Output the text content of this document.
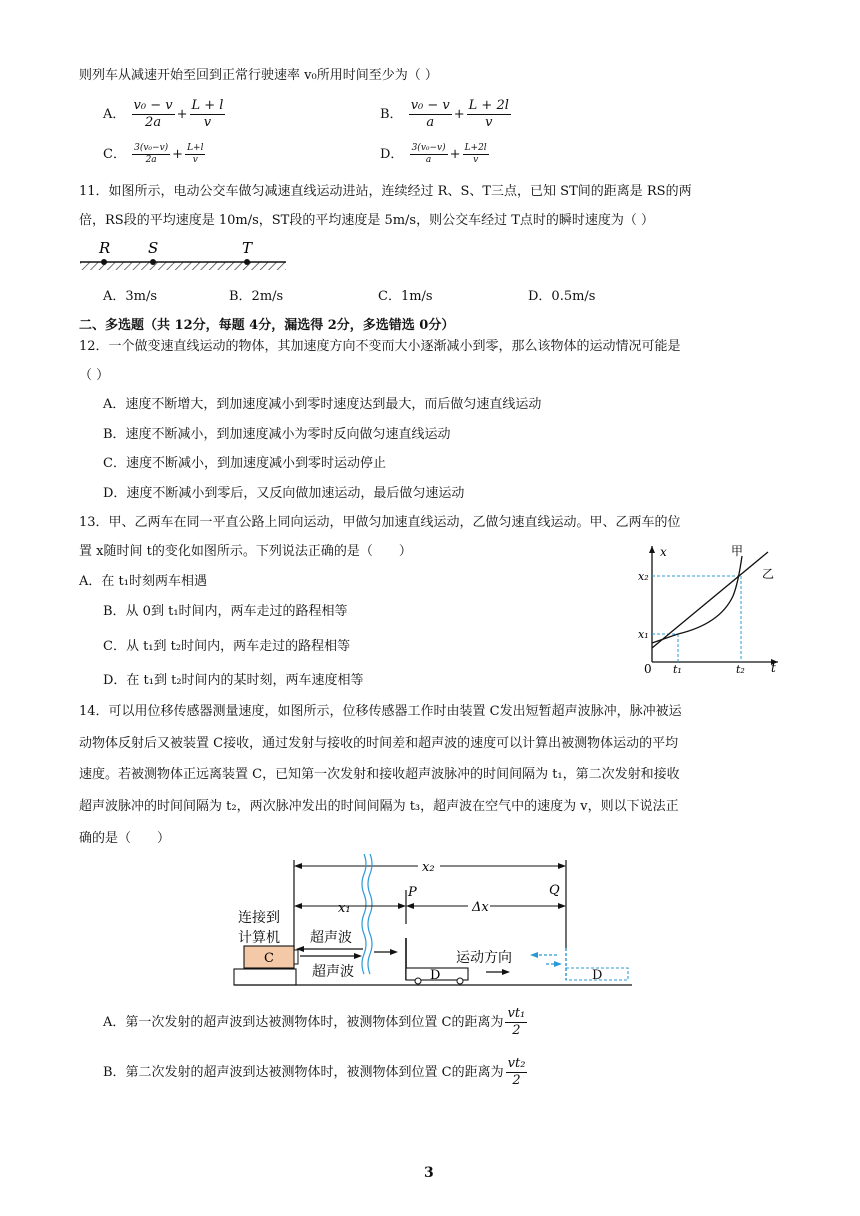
则列车从减速开始至回到正常行驶速率 v₀所用时间至少为（ ）
A． $\frac{\text{v₀ − v}}{2a} + \frac{L + l}{v}$	B． $\frac{\text{v₀ − v}}{a} + \frac{L + 2l}{v}$
C． $\frac{\text{3(v₀−v)}}{2a} + \frac{L+l}{v}$	D． $\frac{\text{3(v₀−v)}}{a} + \frac{L+2l}{v}$
11．如图所示，电动公交车做匀减速直线运动进站，连续经过 R、S、T三点，已知 ST间的距离是 RS的两
倍，RS段的平均速度是 10m/s，ST段的平均速度是 5m/s，则公交车经过 T点时的瞬时速度为（ ）
R	S	T
A．3m/s	B．2m/s	C．1m/s	D．0.5m/s
二、多选题（共 12分，每题 4分，漏选得 2分，多选错选 0分）
12．一个做变速直线运动的物体，其加速度方向不变而大小逐渐减小到零，那么该物体的运动情况可能是
（ ）
A．速度不断增大，到加速度减小到零时速度达到最大，而后做匀速直线运动
B．速度不断减小，到加速度减小为零时反向做匀速直线运动
C．速度不断减小，到加速度减小到零时运动停止
D．速度不断减小到零后，又反向做加速运动，最后做匀速运动
13．甲、乙两车在同一平直公路上同向运动，甲做匀加速直线运动，乙做匀速直线运动。甲、乙两车的位
置 x随时间 t的变化如图所示。下列说法正确的是（　　）
A．在 t₁时刻两车相遇
B．从 0到 t₁时间内，两车走过的路程相等
C．从 t₁到 t₂时间内，两车走过的路程相等
D．在 t₁到 t₂时间内的某时刻，两车速度相等
x
t
0
甲
乙
x₂
x₁
t₁	t₂
14．可以用位移传感器测量速度，如图所示，位移传感器工作时由装置 C发出短暂超声波脉冲，脉冲被运
动物体反射后又被装置 C接收，通过发射与接收的时间差和超声波的速度可以计算出被测物体运动的平均
速度。若被测物体正远离装置 C，已知第一次发射和接收超声波脉冲的时间间隔为 t₁，第二次发射和接收
超声波脉冲的时间间隔为 t₂，两次脉冲发出的时间间隔为 t₃，超声波在空气中的速度为 v，则以下说法正
确的是（　　）

x₂
x₁	Δx
P	Q
连接到
计算机 超声波
超声波
C
D
运动方向
D
A．第一次发射的超声波到达被测物体时，被测物体到位置 C的距离为 $\frac{\text{vt₁}}{2}$
B．第二次发射的超声波到达被测物体时，被测物体到位置 C的距离为 $\frac{\text{vt₂}}{2}$
3
